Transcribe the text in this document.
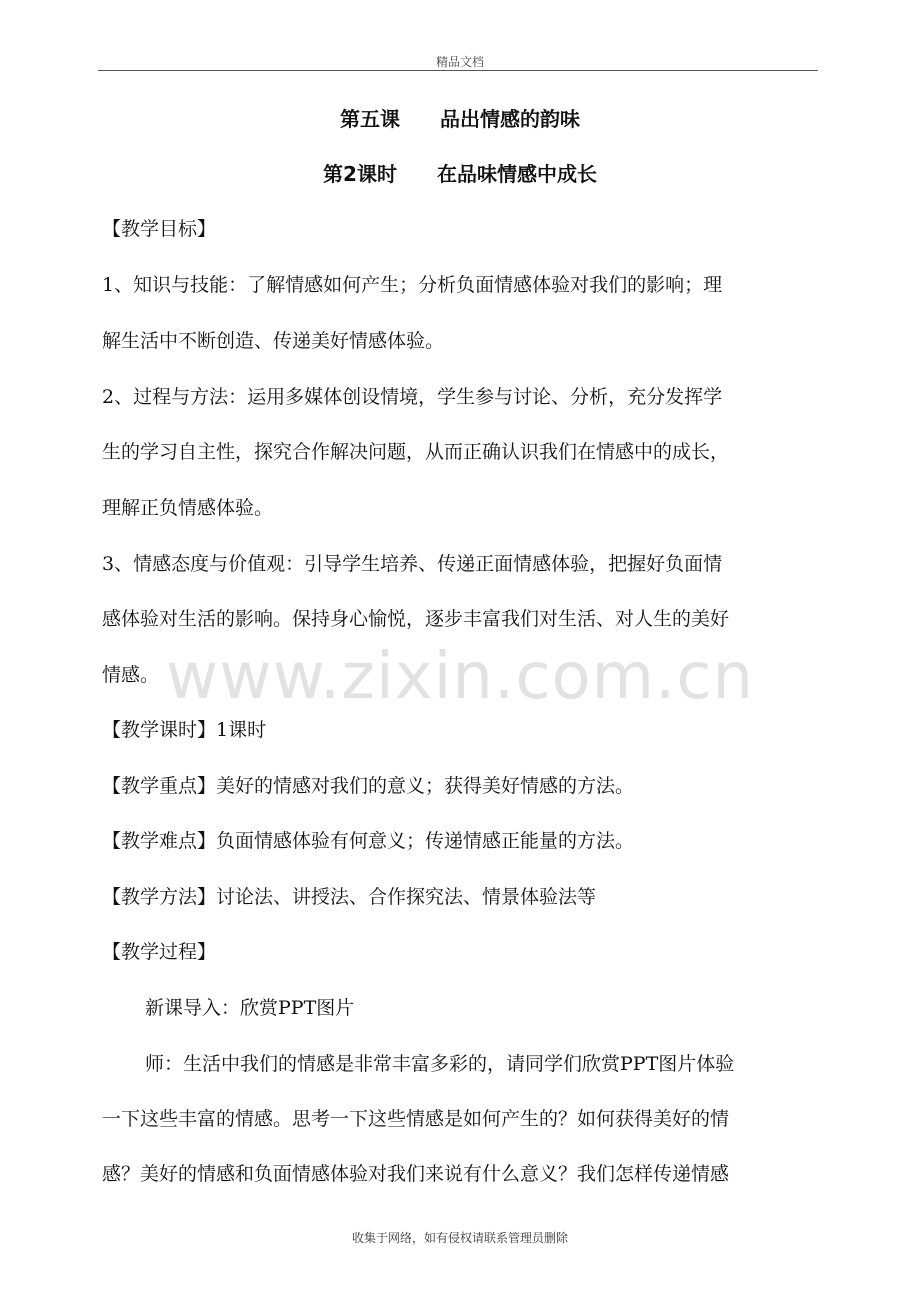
精品文档
www.zixin.com.cn
第五课　　品出情感的韵味
第2课时　　在品味情感中成长
【教学目标】
1、知识与技能：了解情感如何产生；分析负面情感体验对我们的影响；理
解生活中不断创造、传递美好情感体验。
2、过程与方法：运用多媒体创设情境，学生参与讨论、分析，充分发挥学
生的学习自主性，探究合作解决问题，从而正确认识我们在情感中的成长，
理解正负情感体验。
3、情感态度与价值观：引导学生培养、传递正面情感体验，把握好负面情
感体验对生活的影响。保持身心愉悦，逐步丰富我们对生活、对人生的美好
情感。
【教学课时】1课时
【教学重点】美好的情感对我们的意义；获得美好情感的方法。
【教学难点】负面情感体验有何意义；传递情感正能量的方法。
【教学方法】讨论法、讲授法、合作探究法、情景体验法等
【教学过程】
新课导入：欣赏PPT图片
师：生活中我们的情感是非常丰富多彩的，请同学们欣赏PPT图片体验
一下这些丰富的情感。思考一下这些情感是如何产生的？如何获得美好的情
感？美好的情感和负面情感体验对我们来说有什么意义？我们怎样传递情感
收集于网络，如有侵权请联系管理员删除
